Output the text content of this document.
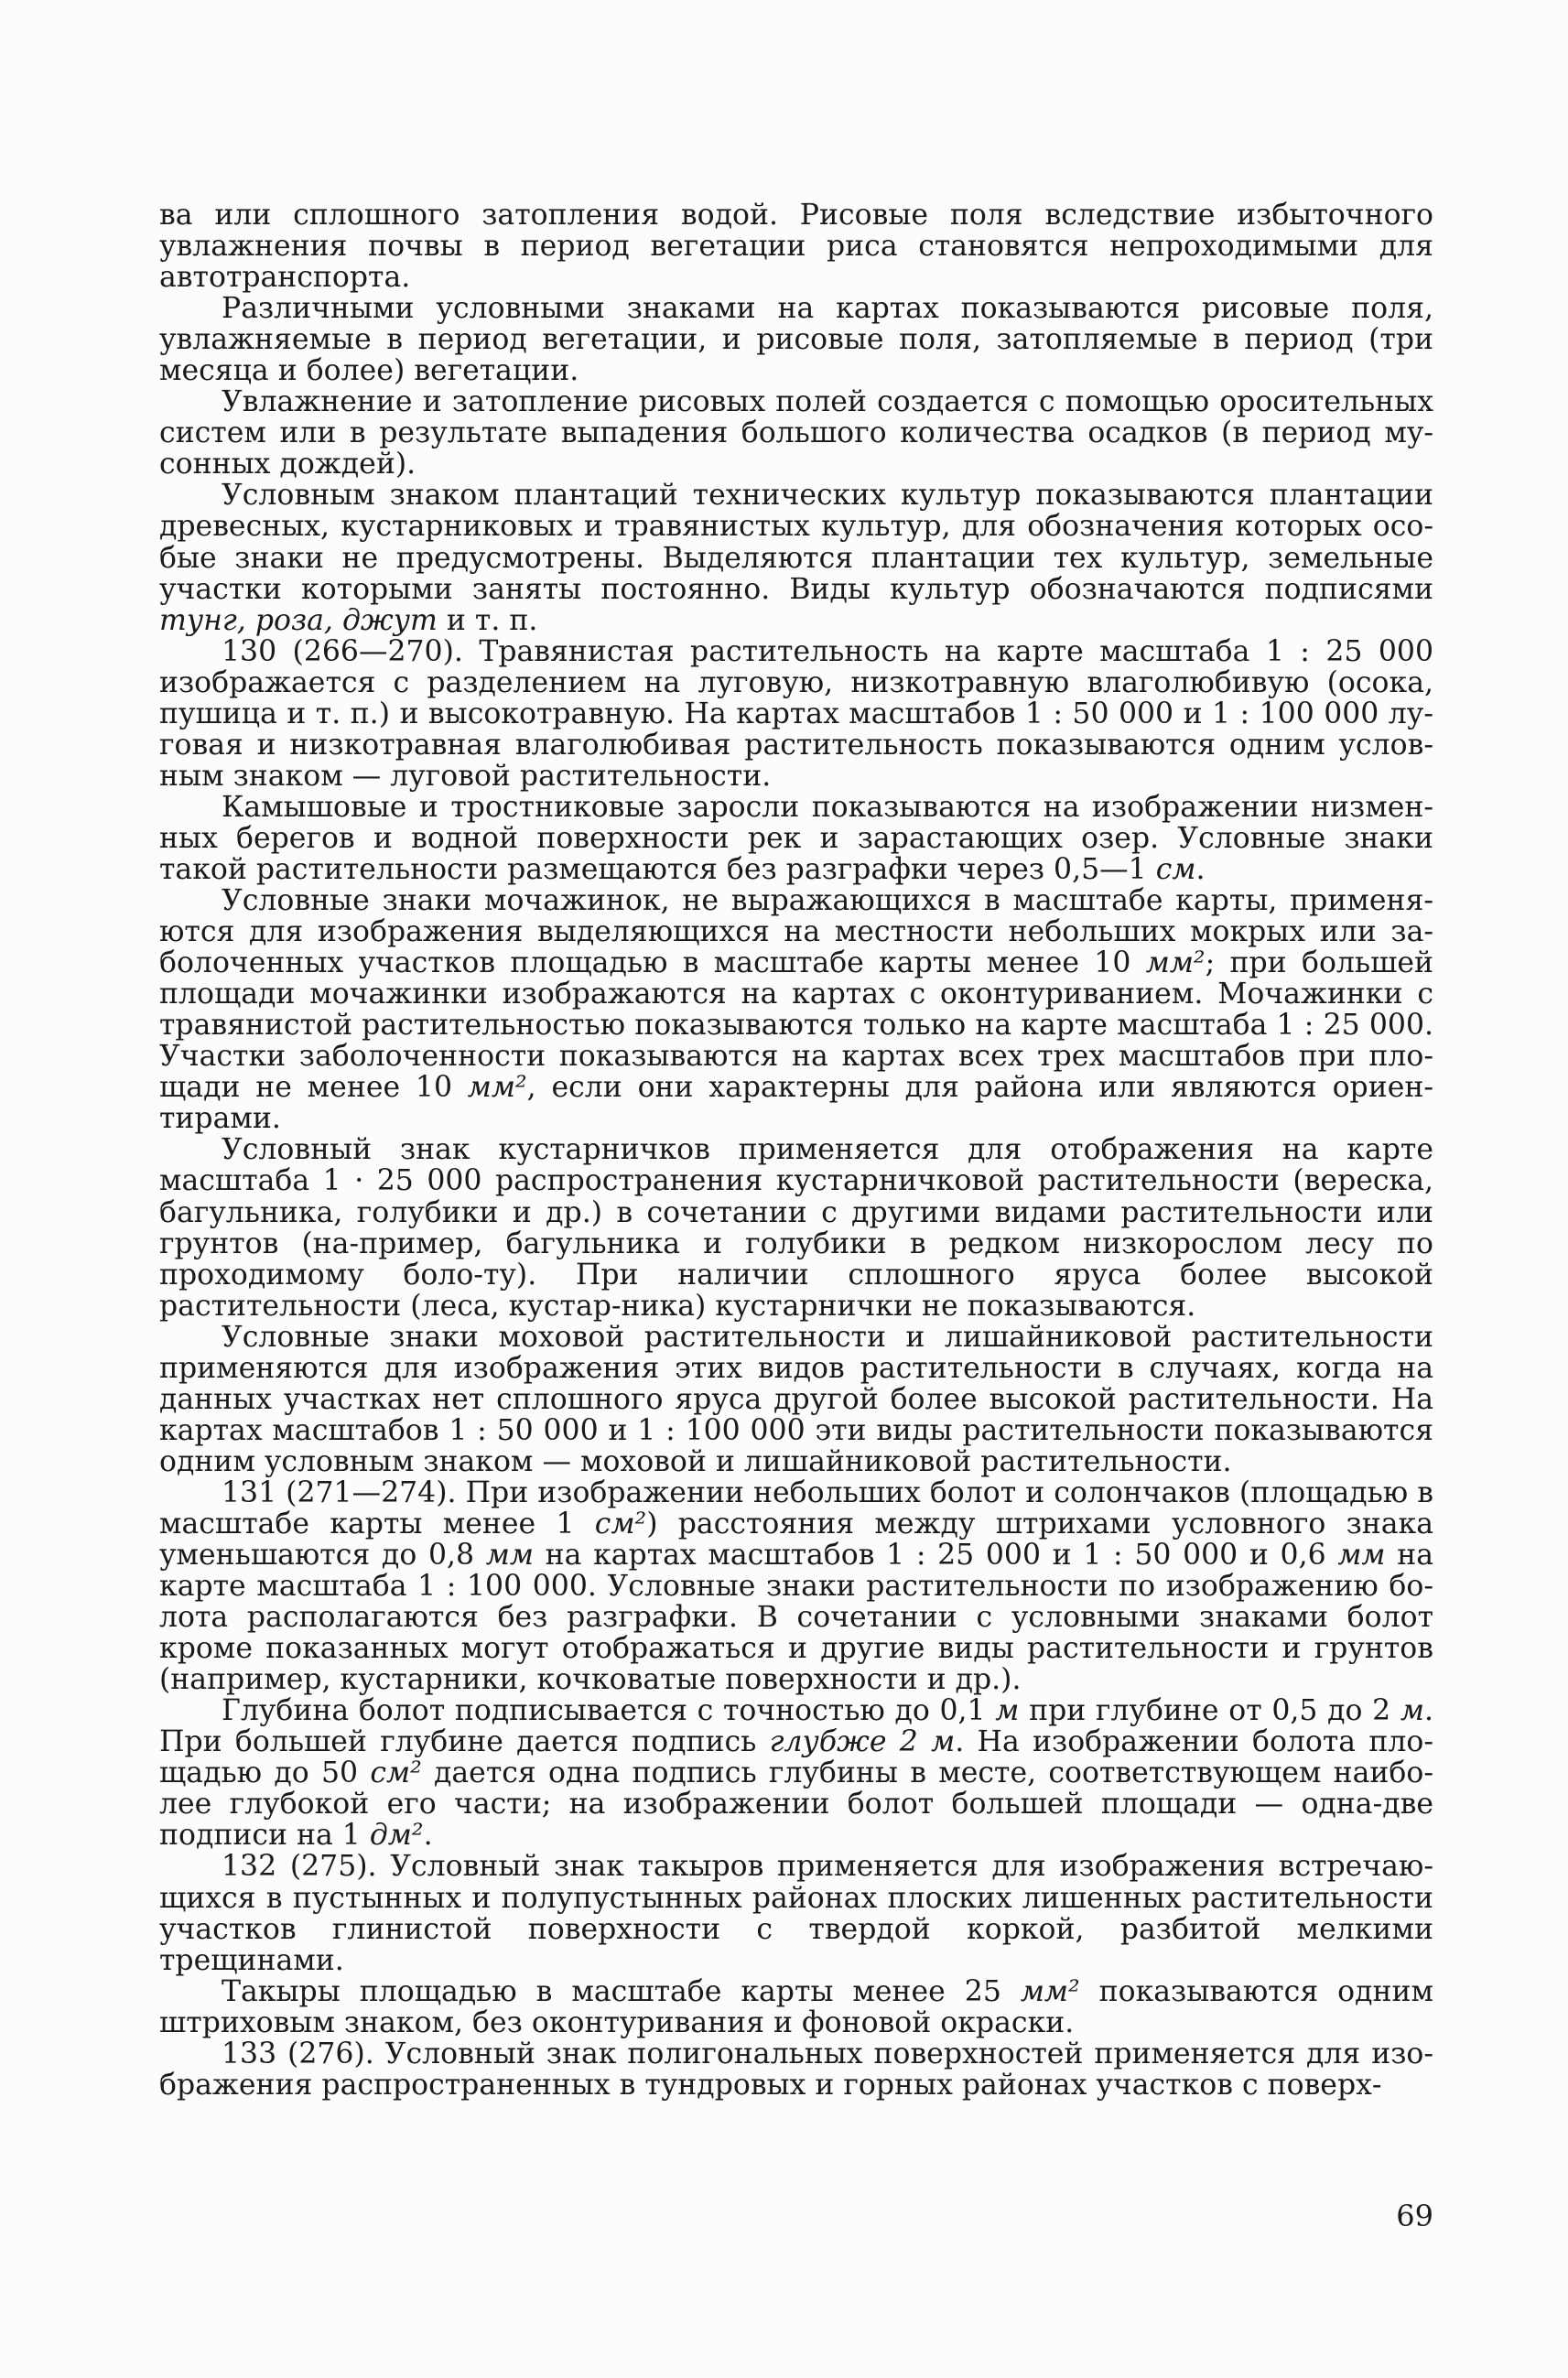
ва или сплошного затопления водой. Рисовые поля вследствие избыточного увлажнения почвы в период вегетации риса становятся непроходимыми для автотранспорта.

Различными условными знаками на картах показываются рисовые поля, увлажняемые в период вегетации, и рисовые поля, затопляемые в период (три месяца и более) вегетации.

Увлажнение и затопление рисовых полей создается с помощью оросительных систем или в результате выпадения большого количества осадков (в период му-сонных дождей).

Условным знаком плантаций технических культур показываются плантации древесных, кустарниковых и травянистых культур, для обозначения которых осо-бые знаки не предусмотрены. Выделяются плантации тех культур, земельные участки которыми заняты постоянно. Виды культур обозначаются подписями тунг, роза, джут и т. п.

130 (266—270). Травянистая растительность на карте масштаба 1 : 25 000 изображается с разделением на луговую, низкотравную влаголюбивую (осока, пушица и т. п.) и высокотравную. На картах масштабов 1 : 50 000 и 1 : 100 000 лу-говая и низкотравная влаголюбивая растительность показываются одним услов-ным знаком — луговой растительности.

Камышовые и тростниковые заросли показываются на изображении низмен-ных берегов и водной поверхности рек и зарастающих озер. Условные знаки такой растительности размещаются без разграфки через 0,5—1 см.

Условные знаки мочажинок, не выражающихся в масштабе карты, применя-ются для изображения выделяющихся на местности небольших мокрых или за-болоченных участков площадью в масштабе карты менее 10 мм²; при большей площади мочажинки изображаются на картах с оконтуриванием. Мочажинки с травянистой растительностью показываются только на карте масштаба 1 : 25 000. Участки заболоченности показываются на картах всех трех масштабов при пло-щади не менее 10 мм², если они характерны для района или являются ориен-тирами.

Условный знак кустарничков применяется для отображения на карте масштаба 1 · 25 000 распространения кустарничковой растительности (вереска, багульника, голубики и др.) в сочетании с другими видами растительности или грунтов (на-пример, багульника и голубики в редком низкорослом лесу по проходимому боло-ту). При наличии сплошного яруса более высокой растительности (леса, кустар-ника) кустарнички не показываются.

Условные знаки моховой растительности и лишайниковой растительности применяются для изображения этих видов растительности в случаях, когда на данных участках нет сплошного яруса другой более высокой растительности. На картах масштабов 1 : 50 000 и 1 : 100 000 эти виды растительности показываются одним условным знаком — моховой и лишайниковой растительности.

131 (271—274). При изображении небольших болот и солончаков (площадью в масштабе карты менее 1 см²) расстояния между штрихами условного знака уменьшаются до 0,8 мм на картах масштабов 1 : 25 000 и 1 : 50 000 и 0,6 мм на карте масштаба 1 : 100 000. Условные знаки растительности по изображению бо-лота располагаются без разграфки. В сочетании с условными знаками болот кроме показанных могут отображаться и другие виды растительности и грунтов (например, кустарники, кочковатые поверхности и др.).

Глубина болот подписывается с точностью до 0,1 м при глубине от 0,5 до 2 м. При большей глубине дается подпись глубже 2 м. На изображении болота пло-щадью до 50 см² дается одна подпись глубины в месте, соответствующем наибо-лее глубокой его части; на изображении болот большей площади — одна-две подписи на 1 дм².

132 (275). Условный знак такыров применяется для изображения встречаю-щихся в пустынных и полупустынных районах плоских лишенных растительности участков глинистой поверхности с твердой коркой, разбитой мелкими трещинами.

Такыры площадью в масштабе карты менее 25 мм² показываются одним штриховым знаком, без оконтуривания и фоновой окраски.

133 (276). Условный знак полигональных поверхностей применяется для изо-бражения распространенных в тундровых и горных районах участков с поверх-

69
